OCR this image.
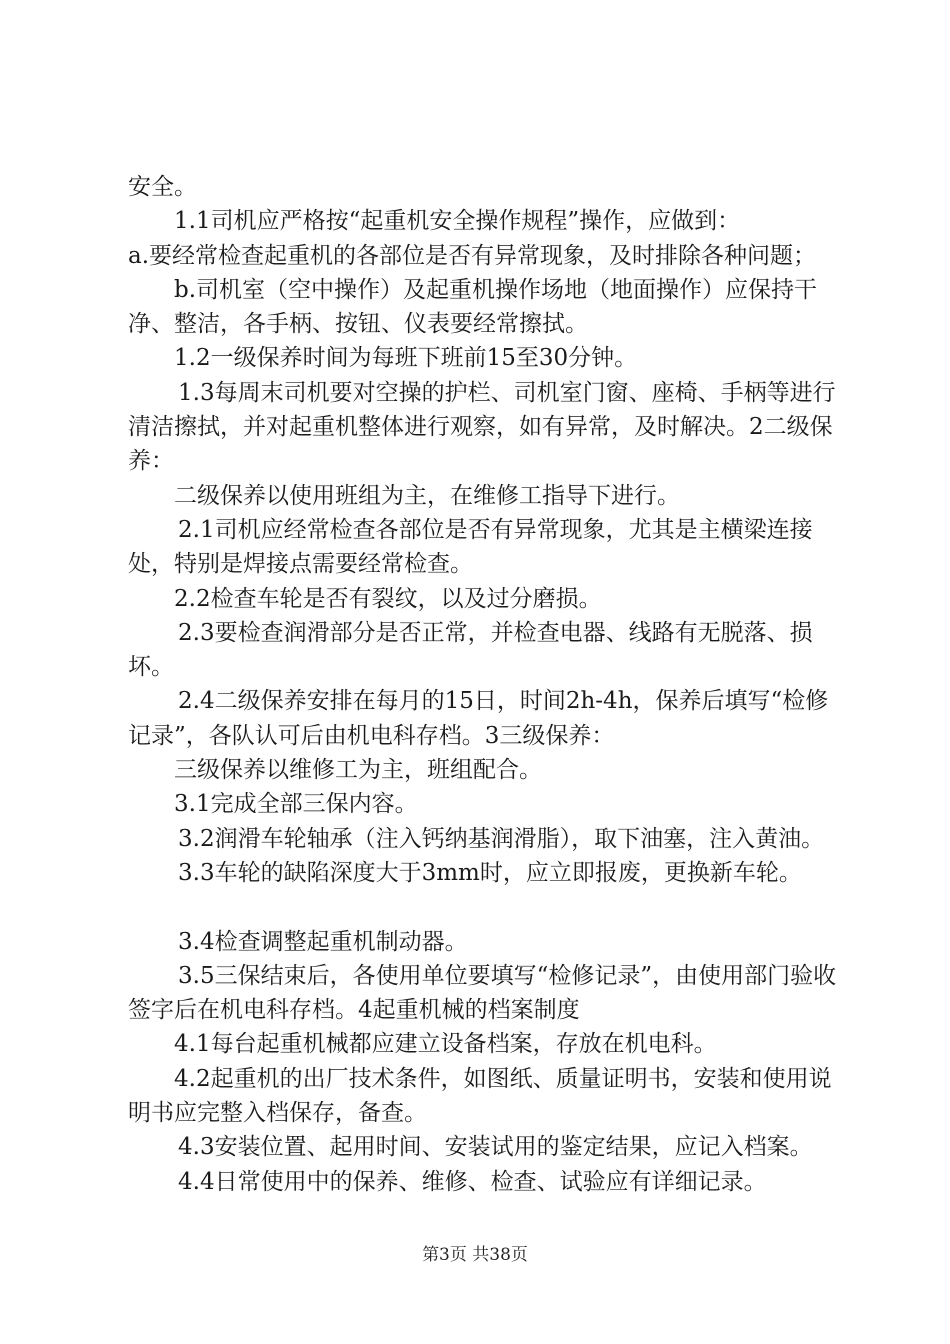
安全。

1.1司机应严格按“起重机安全操作规程”操作，应做到：

a.要经常检查起重机的各部位是否有异常现象，及时排除各种问题；

b.司机室（空中操作）及起重机操作场地（地面操作）应保持干净、整洁，各手柄、按钮、仪表要经常擦拭。

1.2一级保养时间为每班下班前15至30分钟。

1.3每周末司机要对空操的护栏、司机室门窗、座椅、手柄等进行清洁擦拭，并对起重机整体进行观察，如有异常，及时解决。2二级保养：

二级保养以使用班组为主，在维修工指导下进行。

2.1司机应经常检查各部位是否有异常现象，尤其是主横梁连接处，特别是焊接点需要经常检查。

2.2检查车轮是否有裂纹，以及过分磨损。

2.3要检查润滑部分是否正常，并检查电器、线路有无脱落、损坏。

2.4二级保养安排在每月的15日，时间2h-4h，保养后填写“检修记录”，各队认可后由机电科存档。3三级保养：

三级保养以维修工为主，班组配合。

3.1完成全部三保内容。

3.2润滑车轮轴承（注入钙纳基润滑脂），取下油塞，注入黄油。

3.3车轮的缺陷深度大于3mm时，应立即报废，更换新车轮。

3.4检查调整起重机制动器。

3.5三保结束后，各使用单位要填写“检修记录”，由使用部门验收签字后在机电科存档。4起重机械的档案制度

4.1每台起重机械都应建立设备档案，存放在机电科。

4.2起重机的出厂技术条件，如图纸、质量证明书，安装和使用说明书应完整入档保存，备查。

4.3安装位置、起用时间、安装试用的鉴定结果，应记入档案。

4.4日常使用中的保养、维修、检查、试验应有详细记录。

第3页 共38页
